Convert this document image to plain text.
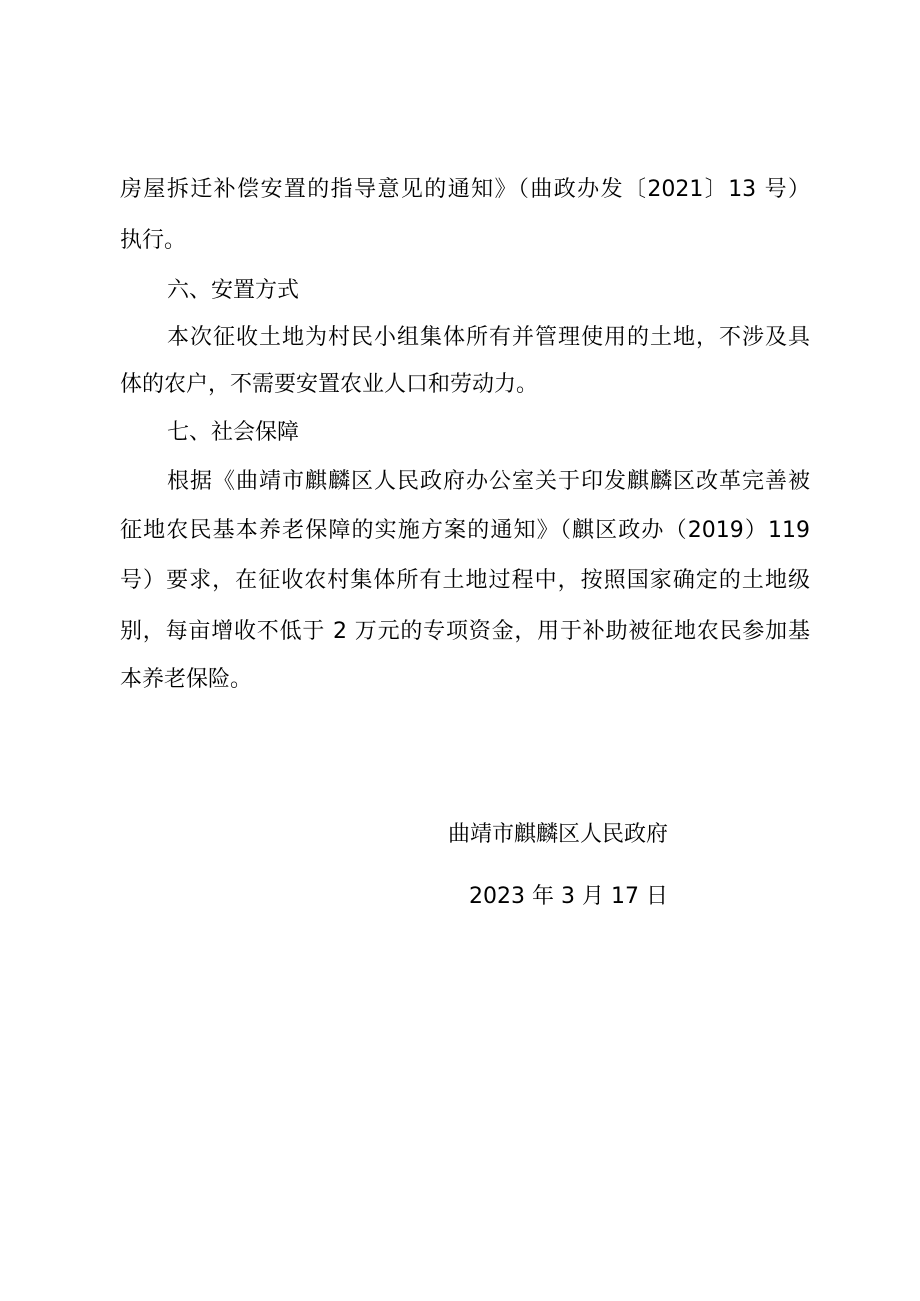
房屋拆迁补偿安置的指导意见的通知》（曲政办发〔2021〕13 号）
执行。
六、安置方式
本次征收土地为村民小组集体所有并管理使用的土地，不涉及具
体的农户，不需要安置农业人口和劳动力。
七、社会保障
根据《曲靖市麒麟区人民政府办公室关于印发麒麟区改革完善被
征地农民基本养老保障的实施方案的通知》（麒区政办（2019）119
号）要求，在征收农村集体所有土地过程中，按照国家确定的土地级
别，每亩增收不低于 2 万元的专项资金，用于补助被征地农民参加基
本养老保险。
曲靖市麒麟区人民政府
2023 年 3 月 17 日
